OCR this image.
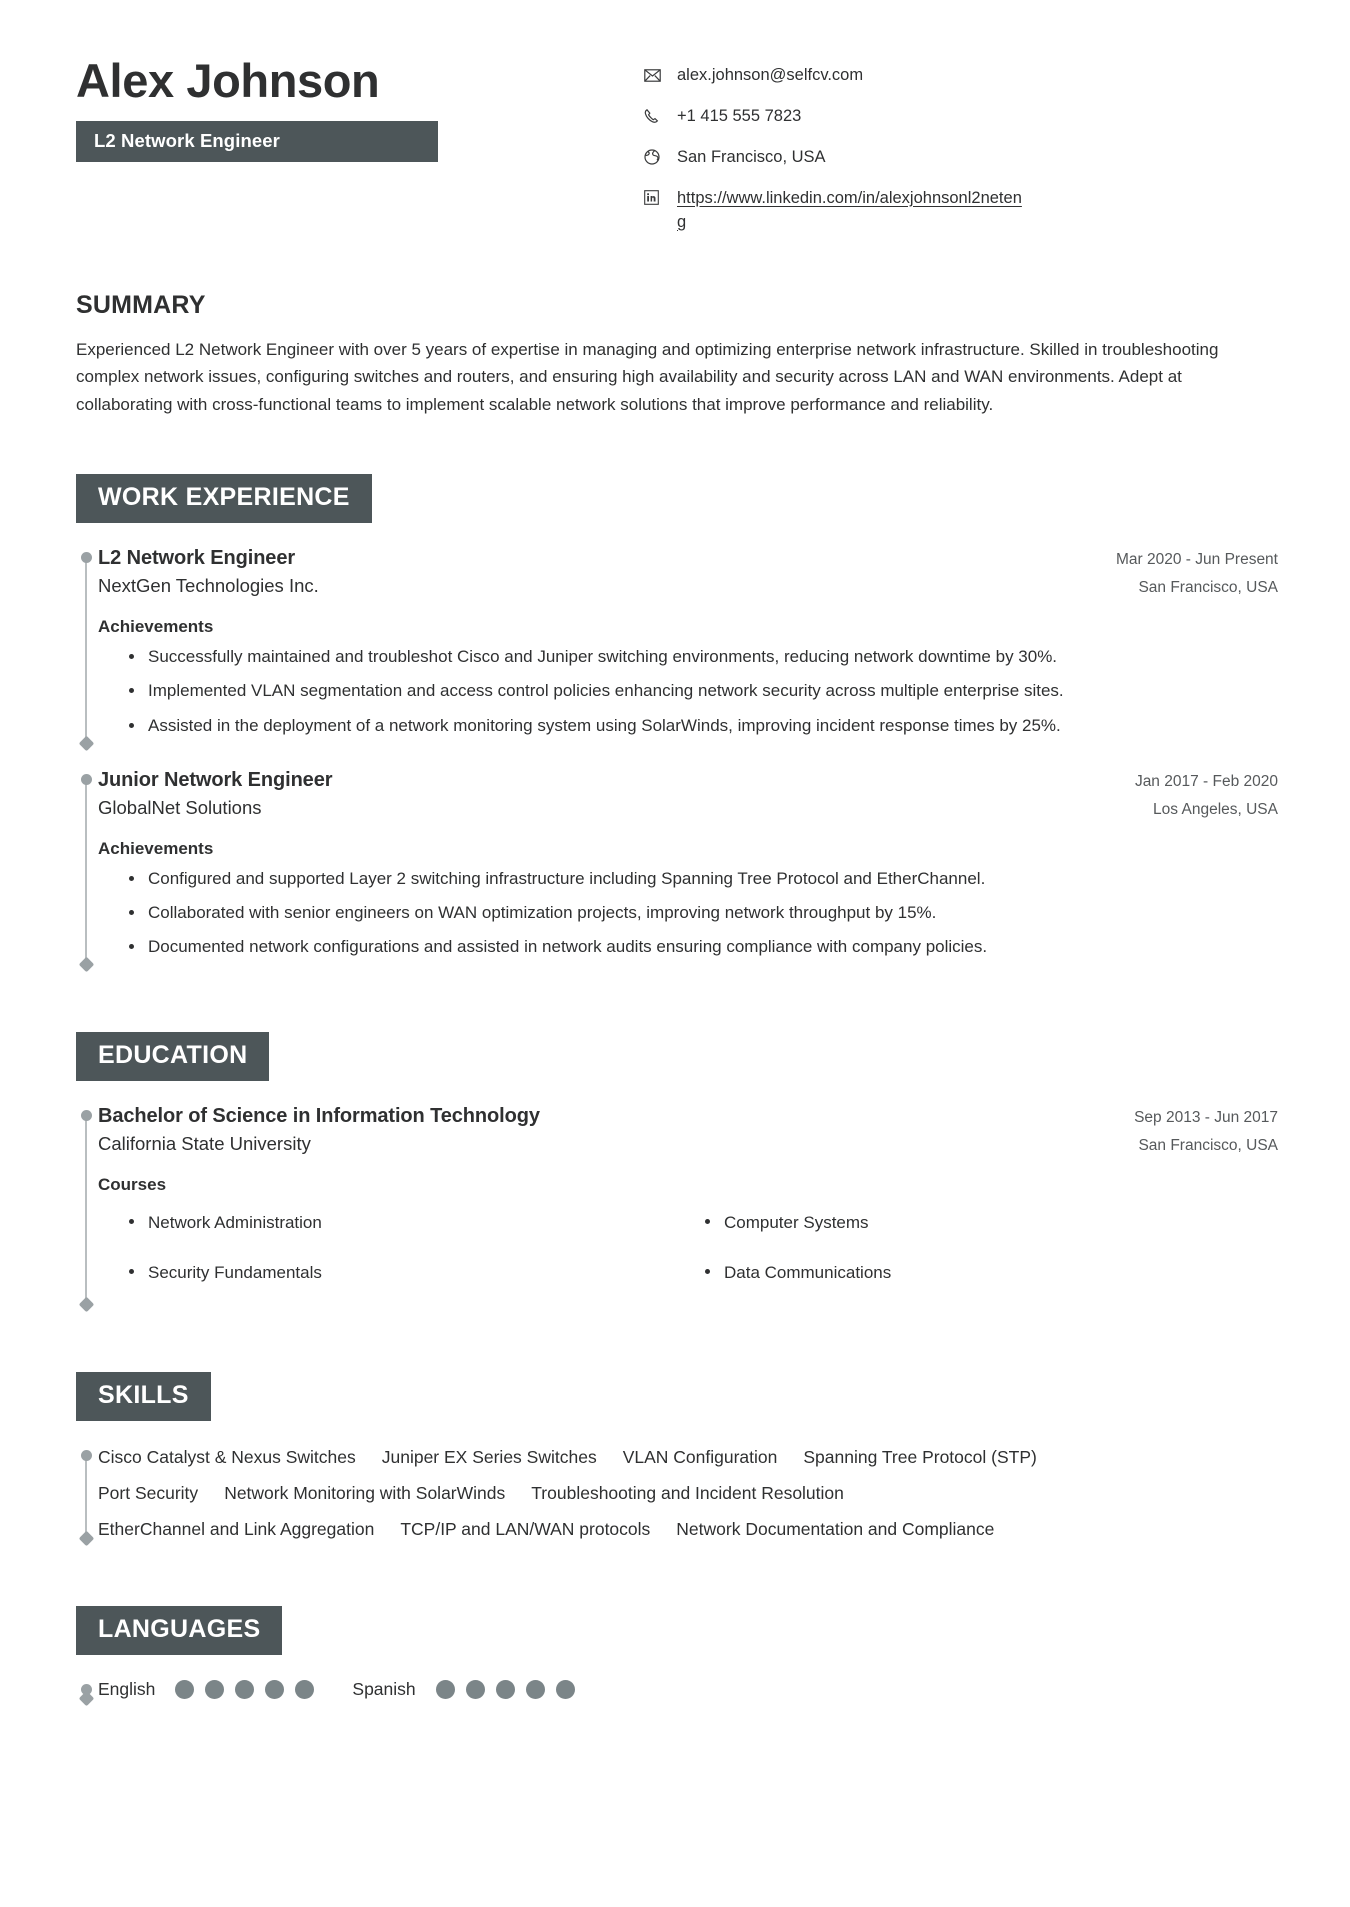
Alex Johnson
L2 Network Engineer
alex.johnson@selfcv.com
+1 415 555 7823
San Francisco, USA
https://www.linkedin.com/in/alexjohnsonl2neteng
SUMMARY

Experienced L2 Network Engineer with over 5 years of expertise in managing and optimizing enterprise network infrastructure. Skilled in troubleshooting complex network issues, configuring switches and routers, and ensuring high availability and security across LAN and WAN environments. Adept at collaborating with cross-functional teams to implement scalable network solutions that improve performance and reliability.

WORK EXPERIENCE
L2 Network Engineer	Mar 2020 - Jun Present

NextGen Technologies Inc.	San Francisco, USA
Achievements
Successfully maintained and troubleshot Cisco and Juniper switching environments, reducing network downtime by 30%.
Implemented VLAN segmentation and access control policies enhancing network security across multiple enterprise sites.
Assisted in the deployment of a network monitoring system using SolarWinds, improving incident response times by 25%.
Junior Network Engineer	Jan 2017 - Feb 2020

GlobalNet Solutions	Los Angeles, USA
Achievements
Configured and supported Layer 2 switching infrastructure including Spanning Tree Protocol and EtherChannel.
Collaborated with senior engineers on WAN optimization projects, improving network throughput by 15%.
Documented network configurations and assisted in network audits ensuring compliance with company policies.
EDUCATION
Bachelor of Science in Information Technology	Sep 2013 - Jun 2017

California State University	San Francisco, USA
Courses
Network Administration	Computer Systems
Security Fundamentals	Data Communications
SKILLS
Cisco Catalyst & Nexus Switches Juniper EX Series Switches VLAN Configuration Spanning Tree Protocol (STP)
Port Security Network Monitoring with SolarWinds Troubleshooting and Incident Resolution
EtherChannel and Link Aggregation TCP/IP and LAN/WAN protocols Network Documentation and Compliance
LANGUAGES
English	Spanish
